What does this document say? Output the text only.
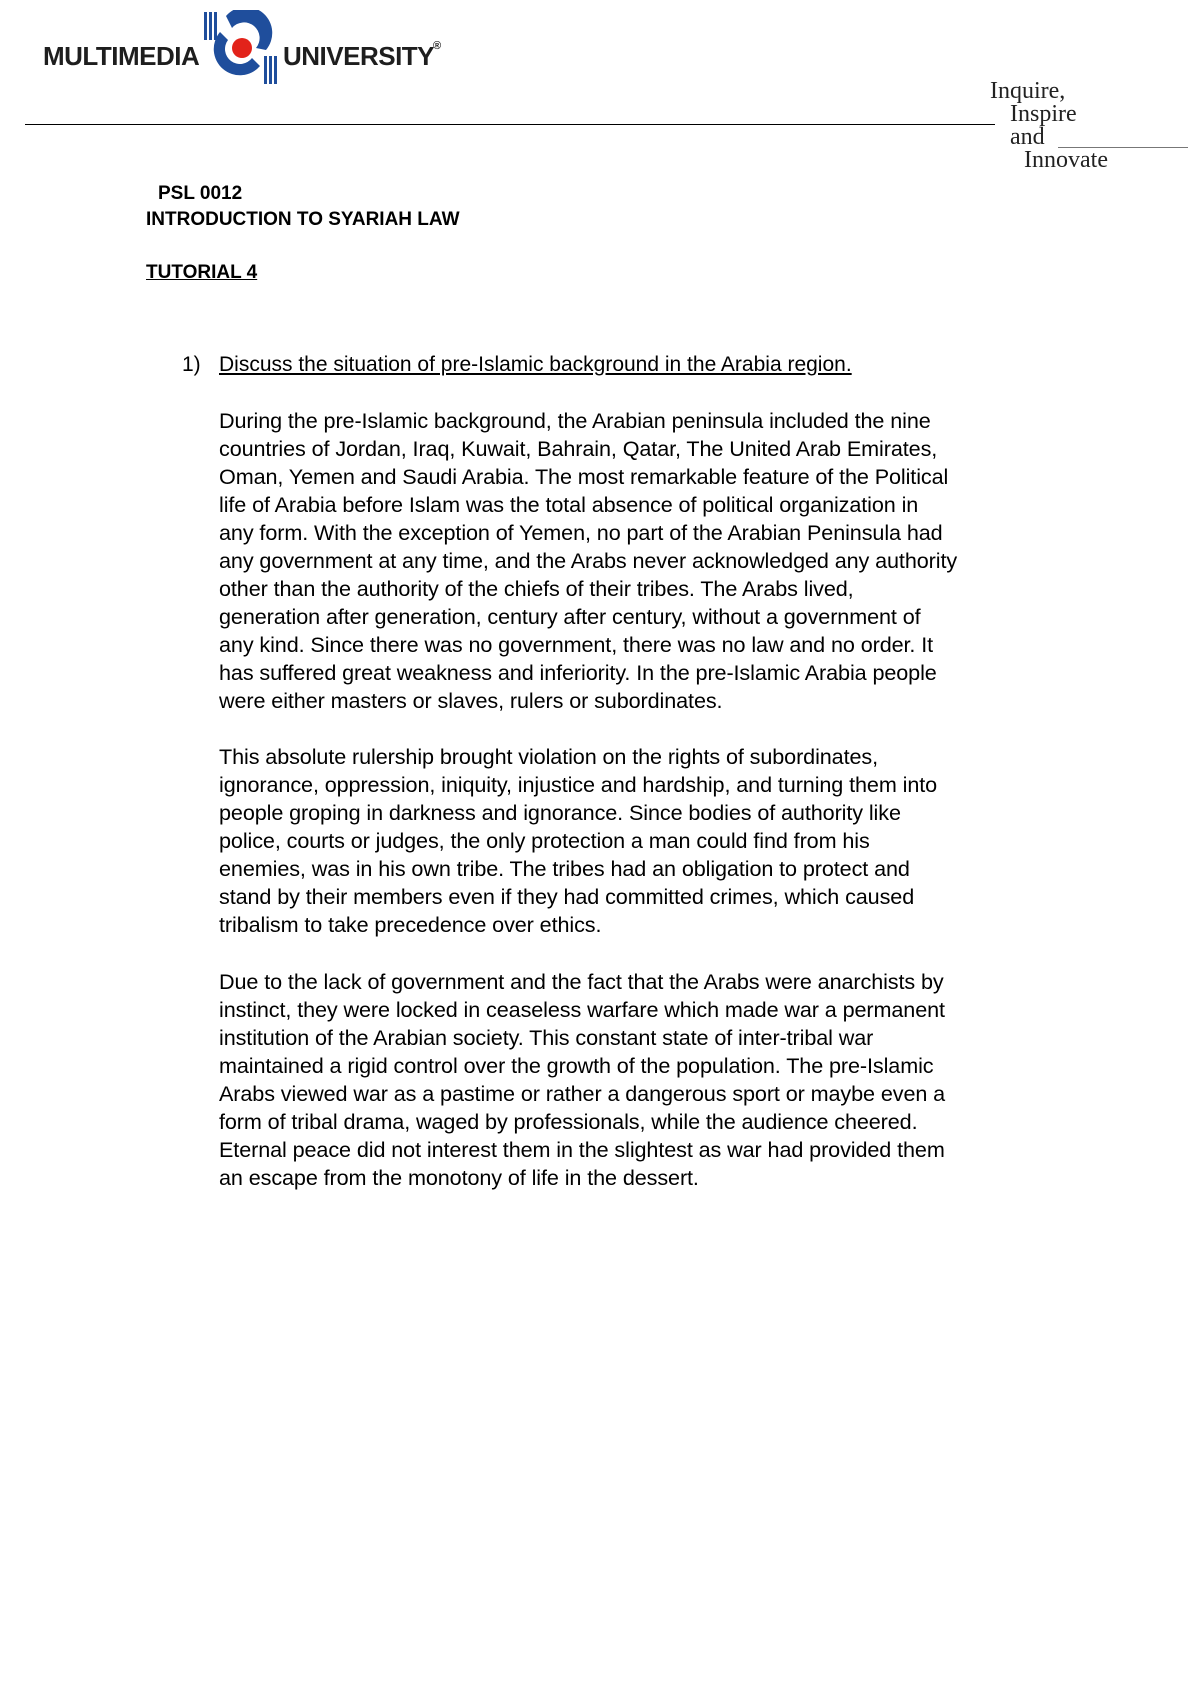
MULTIMEDIA	UNIVERSITY
®
Inquire,
Inspire
and
Innovate
PSL 0012
INTRODUCTION TO SYARIAH LAW
TUTORIAL 4
1) Discuss the situation of pre-Islamic background in the Arabia region.
During the pre-Islamic background, the Arabian peninsula included the nine
countries of Jordan, Iraq, Kuwait, Bahrain, Qatar, The United Arab Emirates,
Oman, Yemen and Saudi Arabia. The most remarkable feature of the Political
life of Arabia before Islam was the total absence of political organization in
any form. With the exception of Yemen, no part of the Arabian Peninsula had
any government at any time, and the Arabs never acknowledged any authority
other than the authority of the chiefs of their tribes. The Arabs lived,
generation after generation, century after century, without a government of
any kind. Since there was no government, there was no law and no order. It
has suffered great weakness and inferiority. In the pre-Islamic Arabia people
were either masters or slaves, rulers or subordinates.
This absolute rulership brought violation on the rights of subordinates,
ignorance, oppression, iniquity, injustice and hardship, and turning them into
people groping in darkness and ignorance. Since bodies of authority like
police, courts or judges, the only protection a man could find from his
enemies, was in his own tribe. The tribes had an obligation to protect and
stand by their members even if they had committed crimes, which caused
tribalism to take precedence over ethics.
Due to the lack of government and the fact that the Arabs were anarchists by
instinct, they were locked in ceaseless warfare which made war a permanent
institution of the Arabian society. This constant state of inter-tribal war
maintained a rigid control over the growth of the population. The pre-Islamic
Arabs viewed war as a pastime or rather a dangerous sport or maybe even a
form of tribal drama, waged by professionals, while the audience cheered.
Eternal peace did not interest them in the slightest as war had provided them
an escape from the monotony of life in the dessert.
